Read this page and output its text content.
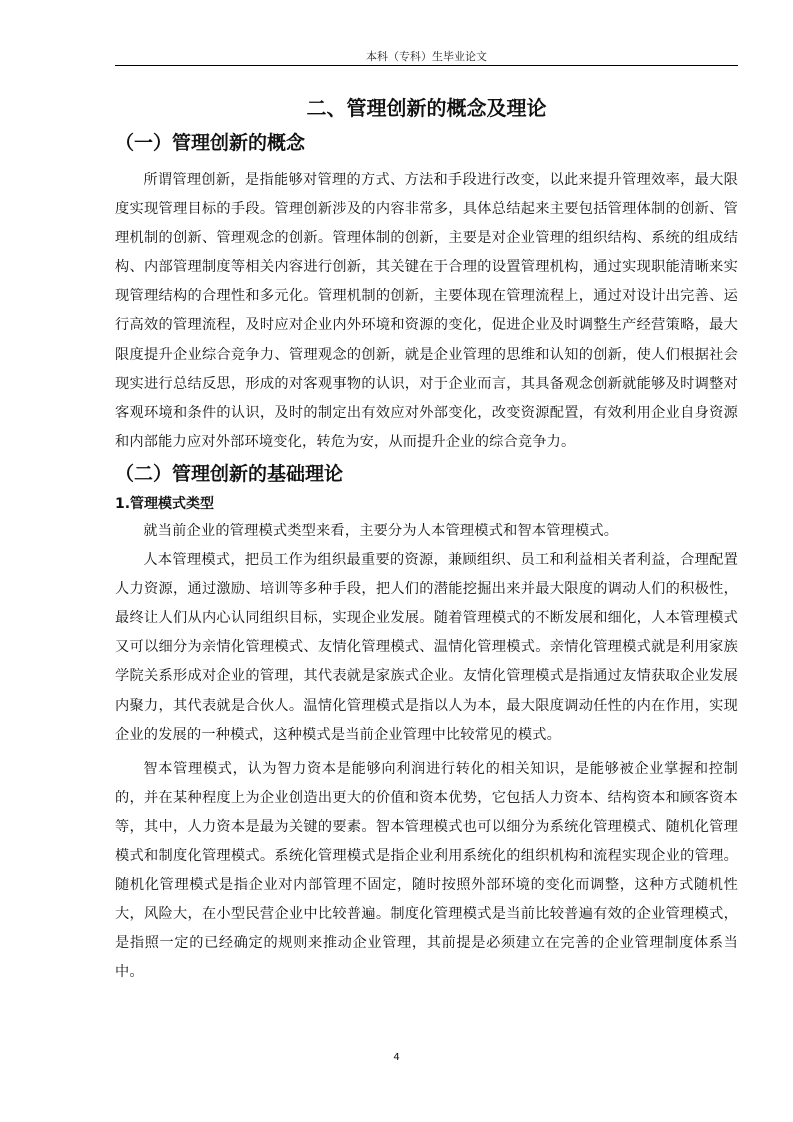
本科（专科）生毕业论文
二、管理创新的概念及理论
（一）管理创新的概念

所谓管理创新，是指能够对管理的方式、方法和手段进行改变，以此来提升管理效率，最大限度实现管理目标的手段。管理创新涉及的内容非常多，具体总结起来主要包括管理体制的创新、管理机制的创新、管理观念的创新。管理体制的创新，主要是对企业管理的组织结构、系统的组成结构、内部管理制度等相关内容进行创新，其关键在于合理的设置管理机构，通过实现职能清晰来实现管理结构的合理性和多元化。管理机制的创新，主要体现在管理流程上，通过对设计出完善、运行高效的管理流程，及时应对企业内外环境和资源的变化，促进企业及时调整生产经营策略，最大限度提升企业综合竞争力、管理观念的创新，就是企业管理的思维和认知的创新，使人们根据社会现实进行总结反思，形成的对客观事物的认识，对于企业而言，其具备观念创新就能够及时调整对客观环境和条件的认识，及时的制定出有效应对外部变化，改变资源配置，有效利用企业自身资源和内部能力应对外部环境变化，转危为安，从而提升企业的综合竞争力。

（二）管理创新的基础理论
1.管理模式类型

就当前企业的管理模式类型来看，主要分为人本管理模式和智本管理模式。

人本管理模式，把员工作为组织最重要的资源，兼顾组织、员工和利益相关者利益，合理配置人力资源，通过激励、培训等多种手段，把人们的潜能挖掘出来并最大限度的调动人们的积极性，最终让人们从内心认同组织目标，实现企业发展。随着管理模式的不断发展和细化，人本管理模式又可以细分为亲情化管理模式、友情化管理模式、温情化管理模式。亲情化管理模式就是利用家族学院关系形成对企业的管理，其代表就是家族式企业。友情化管理模式是指通过友情获取企业发展内聚力，其代表就是合伙人。温情化管理模式是指以人为本，最大限度调动任性的内在作用，实现企业的发展的一种模式，这种模式是当前企业管理中比较常见的模式。

智本管理模式，认为智力资本是能够向利润进行转化的相关知识，是能够被企业掌握和控制的，并在某种程度上为企业创造出更大的价值和资本优势，它包括人力资本、结构资本和顾客资本等，其中，人力资本是最为关键的要素。智本管理模式也可以细分为系统化管理模式、随机化管理模式和制度化管理模式。系统化管理模式是指企业利用系统化的组织机构和流程实现企业的管理。随机化管理模式是指企业对内部管理不固定，随时按照外部环境的变化而调整，这种方式随机性大，风险大，在小型民营企业中比较普遍。制度化管理模式是当前比较普遍有效的企业管理模式，是指照一定的已经确定的规则来推动企业管理，其前提是必须建立在完善的企业管理制度体系当中。

4
